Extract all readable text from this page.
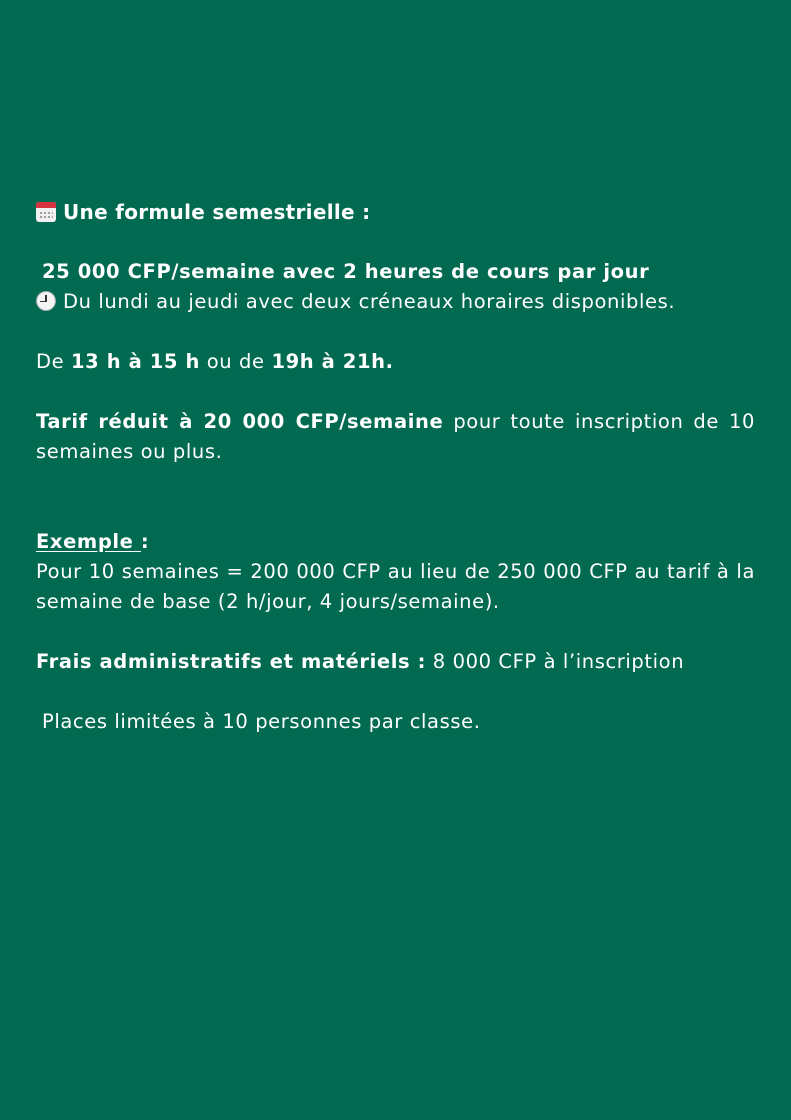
Une formule semestrielle :
25 000 CFP/semaine avec 2 heures de cours par jour
Du lundi au jeudi avec deux créneaux horaires disponibles.
De 13 h à 15 h ou de 19h à 21h.
Tarif réduit à 20 000 CFP/semaine pour toute inscription de 10 semaines ou plus.
Exemple :
Pour 10 semaines = 200 000 CFP au lieu de 250 000 CFP au tarif à la semaine de base (2 h/jour, 4 jours/semaine).
Frais administratifs et matériels : 8 000 CFP à l’inscription
Places limitées à 10 personnes par classe.
